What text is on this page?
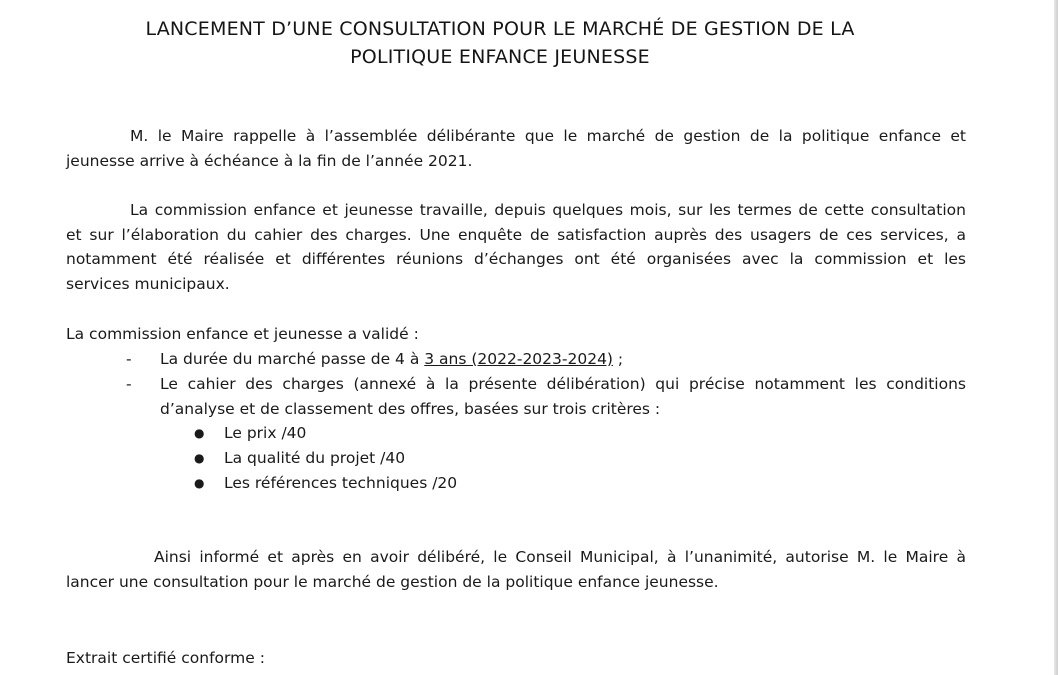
LANCEMENT D’UNE CONSULTATION POUR LE MARCHÉ DE GESTION DE LA
POLITIQUE ENFANCE JEUNESSE
M. le Maire rappelle à l’assemblée délibérante que le marché de gestion de la politique enfance et
jeunesse arrive à échéance à la fin de l’année 2021.
La commission enfance et jeunesse travaille, depuis quelques mois, sur les termes de cette consultation
et sur l’élaboration du cahier des charges. Une enquête de satisfaction auprès des usagers de ces services, a
notamment été réalisée et différentes réunions d’échanges ont été organisées avec la commission et les
services municipaux.
La commission enfance et jeunesse a validé :
- La durée du marché passe de 4 à 3 ans (2022-2023-2024) ;
- Le cahier des charges (annexé à la présente délibération) qui précise notamment les conditions
d’analyse et de classement des offres, basées sur trois critères :
● Le prix /40
● La qualité du projet /40
● Les références techniques /20
Ainsi informé et après en avoir délibéré, le Conseil Municipal, à l’unanimité, autorise M. le Maire à
lancer une consultation pour le marché de gestion de la politique enfance jeunesse.
Extrait certifié conforme :
